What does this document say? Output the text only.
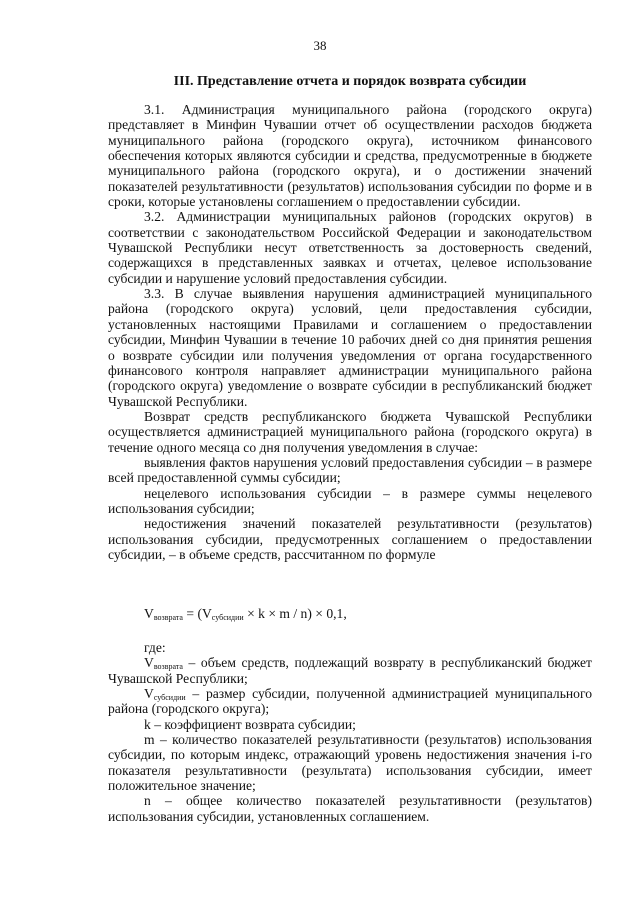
38
III. Представление отчета и порядок возврата субсидии

3.1. Администрация муниципального района (городского округа) представляет в Минфин Чувашии отчет об осуществлении расходов бюджета муниципального района (городского округа), источником финансового обеспечения которых являются субсидии и средства, предусмотренные в бюджете муниципального района (городского округа), и о достижении значений показателей результативности (результатов) использования субсидии по форме и в сроки, которые установлены соглашением о предоставлении субсидии.

3.2. Администрации муниципальных районов (городских округов) в соответствии с законодательством Российской Федерации и законодательством Чувашской Республики несут ответственность за достоверность сведений, содержащихся в представленных заявках и отчетах, целевое использование субсидии и нарушение условий предоставления субсидии.

3.3. В случае выявления нарушения администрацией муниципального района (городского округа) условий, цели предоставления субсидии, установленных настоящими Правилами и соглашением о предоставлении субсидии, Минфин Чувашии в течение 10 рабочих дней со дня принятия решения о возврате субсидии или получения уведомления от органа государственного финансового контроля направляет администрации муниципального района (городского округа) уведомление о возврате субсидии в республиканский бюджет Чувашской Республики.

Возврат средств республиканского бюджета Чувашской Республики осуществляется администрацией муниципального района (городского округа) в течение одного месяца со дня получения уведомления в случае:

выявления фактов нарушения условий предоставления субсидии – в размере всей предоставленной суммы субсидии;

нецелевого использования субсидии – в размере суммы нецелевого использования субсидии;

недостижения значений показателей результативности (результатов) использования субсидии, предусмотренных соглашением о предоставлении субсидии, – в объеме средств, рассчитанном по формуле

$V_{возврата} = (V_{субсидии} \times k \times m / n) \times 0,1$,

где:

$V_{возврата}$ – объем средств, подлежащий возврату в республиканский бюджет Чувашской Республики;

$V_{субсидии}$ – размер субсидии, полученной администрацией муниципального района (городского округа);

k – коэффициент возврата субсидии;

m – количество показателей результативности (результатов) использования субсидии, по которым индекс, отражающий уровень недостижения значения i-го показателя результативности (результата) использования субсидии, имеет положительное значение;

n – общее количество показателей результативности (результатов) использования субсидии, установленных соглашением.
